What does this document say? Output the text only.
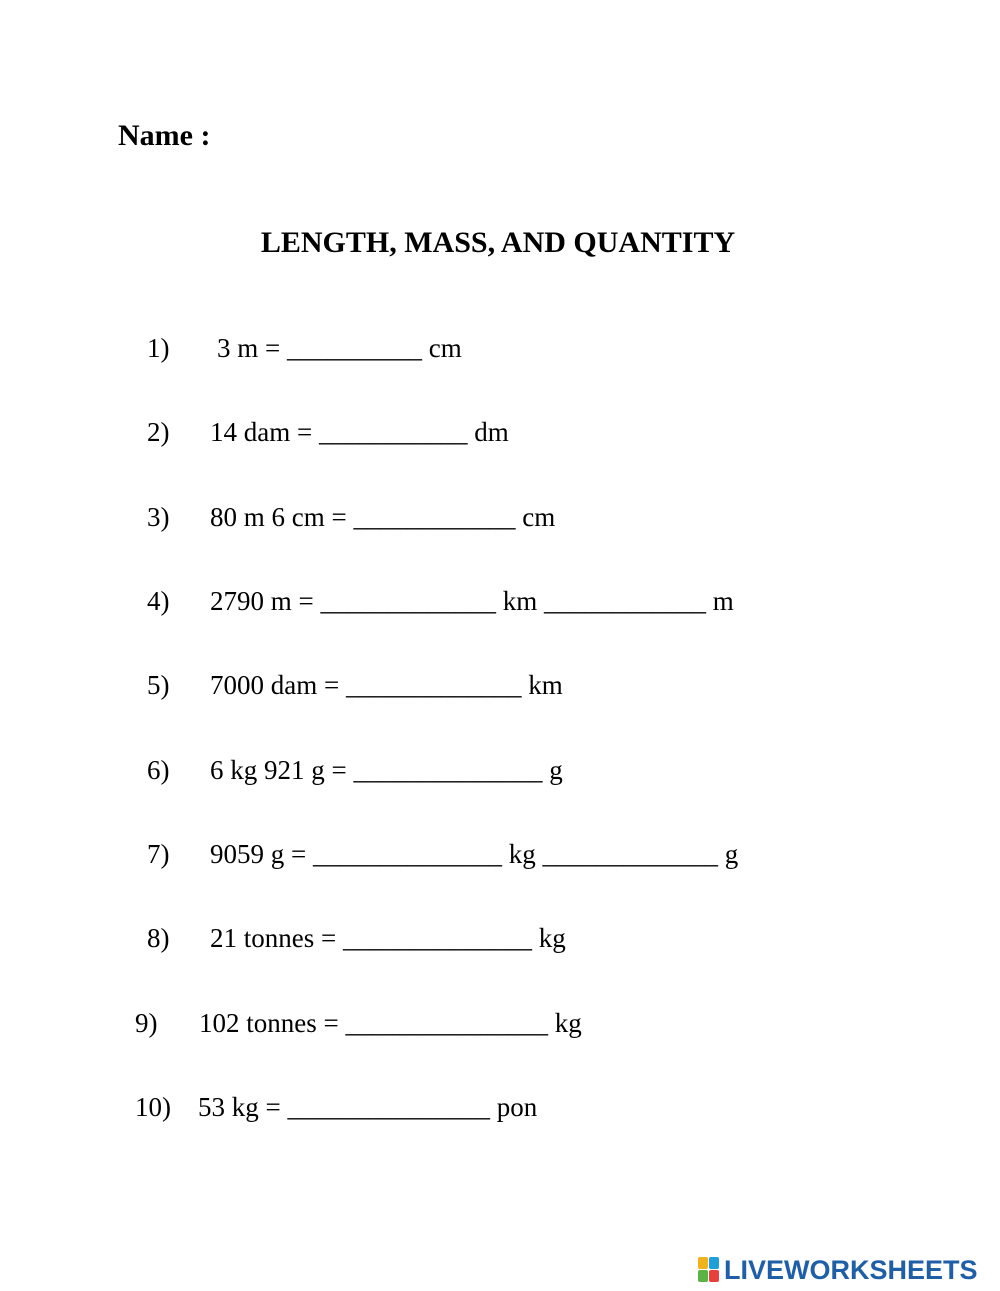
Name :
LENGTH, MASS, AND QUANTITY

1)

3 m = __________ cm

2)

14 dam = ___________ dm

3)

80 m 6 cm = ____________ cm

4)

2790 m = _____________ km ____________ m

5)

7000 dam = _____________ km

6)

6 kg 921 g = ______________ g

7)

9059 g = ______________ kg _____________ g

8)

21 tonnes = ______________ kg

9)

102 tonnes = _______________ kg

10)

53 kg = _______________ pon

LIVEWORKSHEETS
